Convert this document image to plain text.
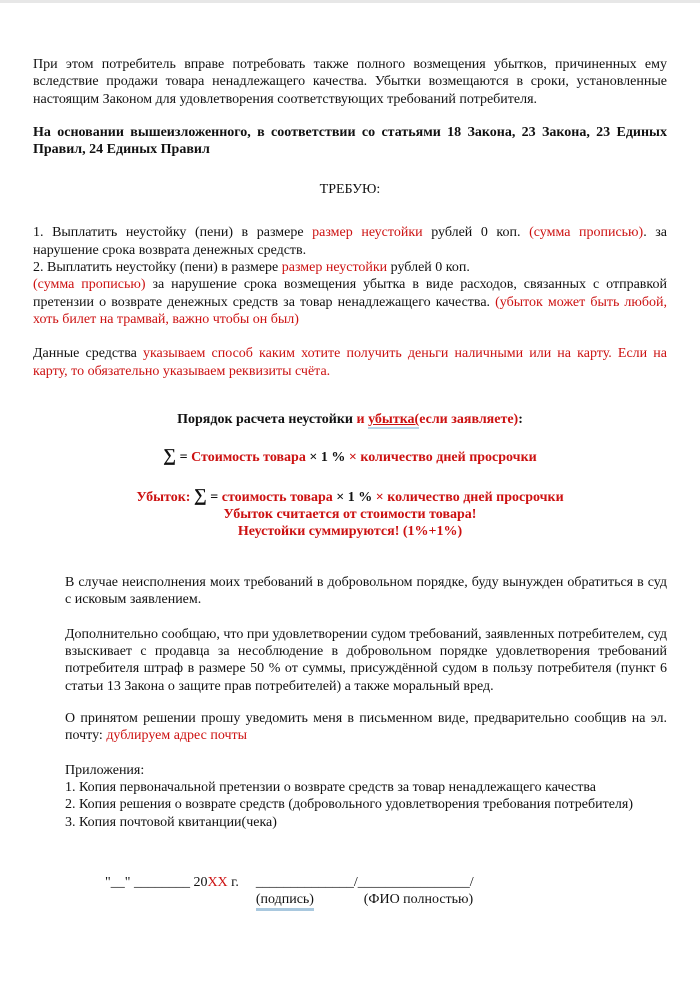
При этом потребитель вправе потребовать также полного возмещения убытков, причиненных ему вследствие продажи товара ненадлежащего качества. Убытки возмещаются в сроки, установленные настоящим Законом для удовлетворения соответствующих требований потребителя.

На основании вышеизложенного, в соответствии со статьями 18 Закона, 23 Закона, 23 Единых Правил, 24 Единых Правил

ТРЕБУЮ:

1. Выплатить неустойку (пени) в размере размер неустойки рублей 0 коп. (сумма прописью). за нарушение срока возврата денежных средств.

2. Выплатить неустойку (пени) в размере размер неустойки рублей 0 коп.
(сумма прописью) за нарушение срока возмещения убытка в виде расходов, связанных с отправкой претензии о возврате денежных средств за товар ненадлежащего качества. (убыток может быть любой, хоть билет на трамвай, важно чтобы он был)

Данные средства указываем способ каким хотите получить деньги наличными или на карту. Если на карту, то обязательно указываем реквизиты счёта.

Порядок расчета неустойки и убытка(если заявляете):

∑ = Стоимость товара × 1 % × количество дней просрочки

Убыток: ∑ = стоимость товара × 1 % × количество дней просрочки

Убыток считается от стоимости товара!

Неустойки суммируются! (1%+1%)

В случае неисполнения моих требований в добровольном порядке, буду вынужден обратиться в суд с исковым заявлением.

Дополнительно сообщаю, что при удовлетворении судом требований, заявленных потребителем, суд взыскивает с продавца за несоблюдение в добровольном порядке удовлетворения требований потребителя штраф в размере 50 % от суммы, присуждённой судом в пользу потребителя (пункт 6 статьи 13 Закона о защите прав потребителей) а также моральный вред.

О принятом решении прошу уведомить меня в письменном виде, предварительно сообщив на эл. почту: дублируем адрес почты

Приложения:

1. Копия первоначальной претензии о возврате средств за товар ненадлежащего качества

2. Копия решения о возврате средств (добровольного удовлетворения требования потребителя)

3. Копия почтовой квитанции(чека)

"__" ________ 20XX г. ______________/
(подпись)
________________/
(ФИО полностью)
